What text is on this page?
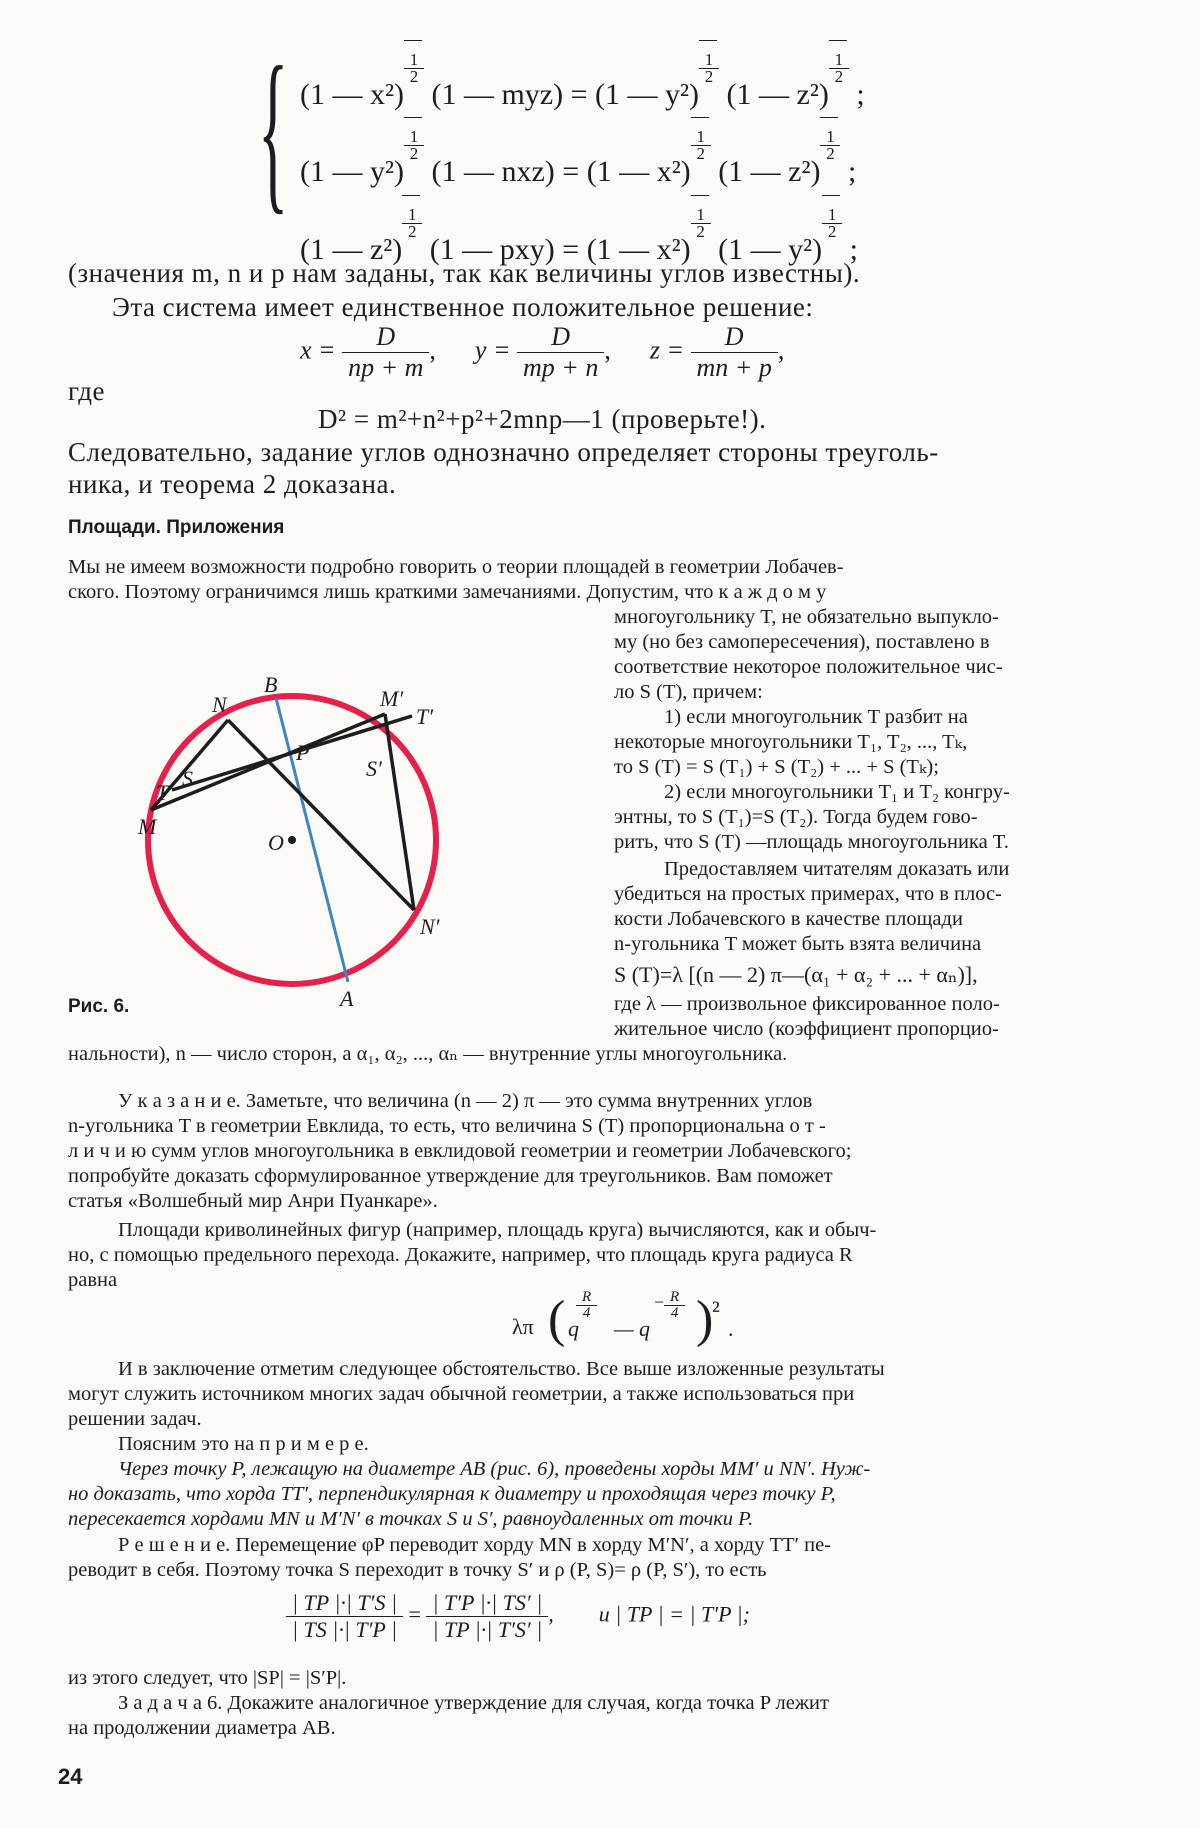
{ (1 — x²)
$\frac{1}{2} (1$ — myz) = (1 — y²)
$\frac{1}{2} (1$ — z²)
$\frac{1}{2}$ ;
(1 — y²)
$\frac{1}{2} (1$ — nxz) = (1 — x²)
$\frac{1}{2} (1$ — z²)
$\frac{1}{2}$ ;
(1 — z²)
$\frac{1}{2} (1$ — pxy) = (1 — x²)
$\frac{1}{2} (1$ — y²)
$\frac{1}{2}$ ;
(значения m, n и p нам заданы, так как величины углов известны).
Эта система имеет единственное положительное решение:
$x = \frac{D}{np + m}$ , $y = \frac{D}{mp + n}$ , $z = \frac{D}{mn + p}$ ,
где
D² = m²+n²+p²+2mnp—1 (проверьте!).
Следовательно, задание углов однозначно определяет стороны треуголь-
ника, и теорема 2 доказана.
Площади. Приложения
Мы не имеем возможности подробно говорить о теории площадей в геометрии Лобачев-
ского. Поэтому ограничимся лишь краткими замечаниями. Допустим, что к а ж д о м у
многоугольнику T, не обязательно выпукло-
му (но без самопересечения), поставлено в
соответствие некоторое положительное чис-
ло S (T), причем:
1) если многоугольник T разбит на
некоторые многоугольники T₁, T₂, ..., Tₖ,
то S (T) = S (T₁) + S (T₂) + ... + S (Tₖ);
2) если многоугольники T₁ и T₂ конгру-
энтны, то S (T₁)=S (T₂). Тогда будем гово-
рить, что S (T) —площадь многоугольника T.
Предоставляем читателям доказать или
убедиться на простых примерах, что в плос-
кости Лобачевского в качестве площади
n-угольника T может быть взята величина
S (T)=λ [(n — 2) π—(α₁ + α₂ + ... + αₙ)],
где λ — произвольное фиксированное поло-
жительное число (коэффициент пропорцио-
нальности), n — число сторон, а α₁, α₂, ..., αₙ — внутренние углы многоугольника.
B
N	M′
T′
P
S	S′
T
M
O
N′
A
Рис. 6.
У к а з а н и е. Заметьте, что величина (n — 2) π — это сумма внутренних углов
n-угольника T в геометрии Евклида, то есть, что величина S (T) пропорциональна о т -
л и ч и ю сумм углов многоугольника в евклидовой геометрии и геометрии Лобачевского;
попробуйте доказать сформулированное утверждение для треугольников. Вам поможет
статья «Волшебный мир Анри Пуанкаре».
Площади криволинейных фигур (например, площадь круга) вычисляются, как и обыч-
но, с помощью предельного перехода. Докажите, например, что площадь круга радиуса R
равна
λπ ( q
$\frac{R}{4}$
— q
− $\frac{R}{4}$ )
²
.
И в заключение отметим следующее обстоятельство. Все выше изложенные результаты
могут служить источником многих задач обычной геометрии, а также использоваться при
решении задач.
Поясним это на п р и м е р е.
Через точку P, лежащую на диаметре AB (рис. 6), проведены хорды MM′ и NN′. Нуж-
но доказать, что хорда TT′, перпендикулярная к диаметру и проходящая через точку P,
пересекается хордами MN и M′N′ в точках S и S′, равноудаленных от точки P.
Р е ш е н и е. Перемещение φP переводит хорду MN в хорду M′N′, а хорду TT′ пе-
реводит в себя. Поэтому точка S переходит в точку S′ и ρ (P, S)= ρ (P, S′), то есть
$\frac{| TP |\cdot| T'S |}{| TS |\cdot| T'P |} = \frac{| T'P |\cdot| TS' |}{| TP |\cdot| T'S' |}$ , и | TP | = | T′P |;
из этого следует, что |SP| = |S′P|.
З а д а ч а 6. Докажите аналогичное утверждение для случая, когда точка P лежит
на продолжении диаметра AB.
24
